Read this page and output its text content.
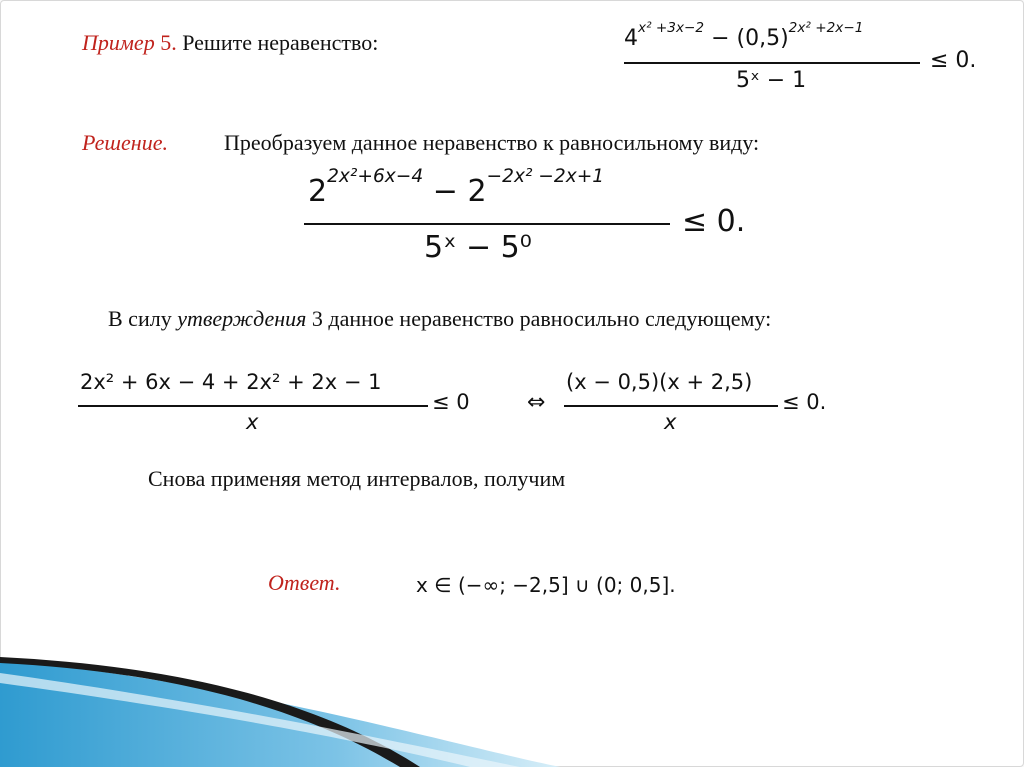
Пример 5. Решите неравенство:	$4^{x^2 +3x-2} - (0,5)^{2x^2 +2x-1}$
5ˣ − 1
≤ 0.
Решение.	Преобразуем данное неравенство к равносильному виду:
$2^{2x^2+6x-4} - 2^{-2x^2 -2x+1}$
5ˣ − 5⁰
≤ 0.
В силу утверждения 3 данное неравенство равносильно следующему:
2x² + 6x − 4 + 2x² + 2x − 1
x
≤ 0	⇔
(x − 0,5)(x + 2,5)
x
≤ 0.
Снова применяя метод интервалов, получим
Ответ.	x ∈ (−∞; −2,5] ∪ (0; 0,5].
